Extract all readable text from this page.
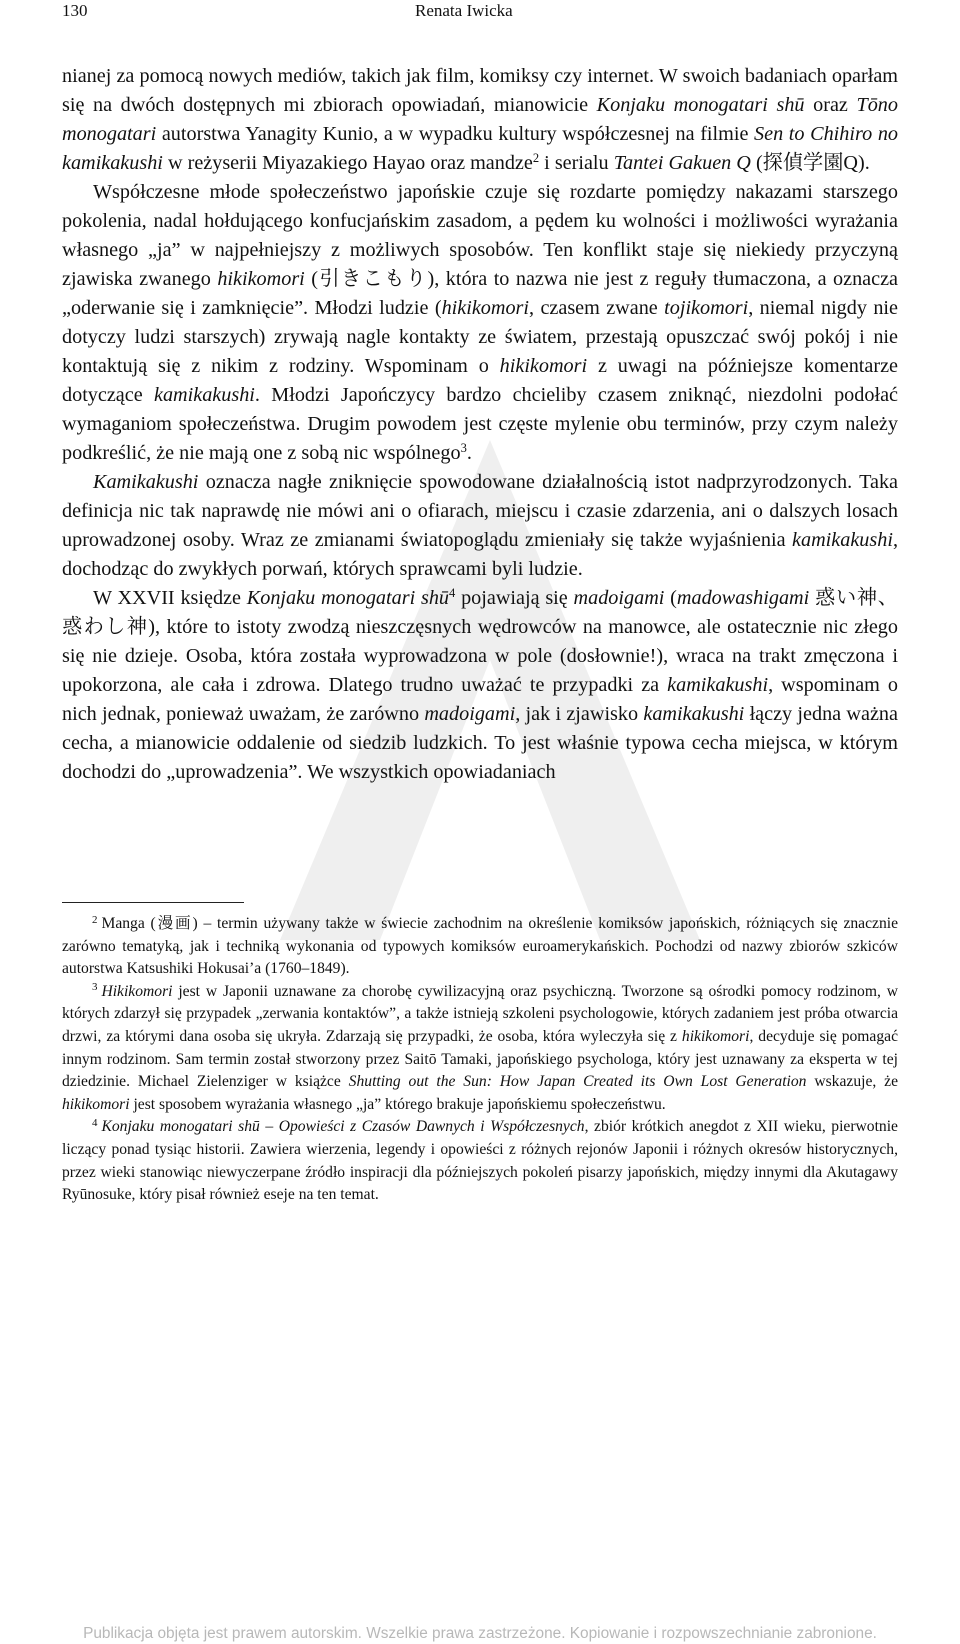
130	Renata Iwicka

nianej za pomocą nowych mediów, takich jak film, komiksy czy internet. W swoich badaniach oparłam się na dwóch dostępnych mi zbiorach opowiadań, mianowicie Konjaku monogatari shū oraz Tōno monogatari autorstwa Yanagity Kunio, a w wypadku kultury współczesnej na filmie Sen to Chihiro no kamikakushi w reżyserii Miyazakiego Hayao oraz mandze$^2$ i serialu Tantei Gakuen Q (探偵学園Q).

Współczesne młode społeczeństwo japońskie czuje się rozdarte pomiędzy nakazami starszego pokolenia, nadal hołdującego konfucjańskim zasadom, a pędem ku wolności i możliwości wyrażania własnego „ja” w najpełniejszy z możliwych sposobów. Ten konflikt staje się niekiedy przyczyną zjawiska zwanego hikikomori (引きこもり), która to nazwa nie jest z reguły tłumaczona, a oznacza „oderwanie się i zamknięcie”. Młodzi ludzie (hikikomori, czasem zwane tojikomori, niemal nigdy nie dotyczy ludzi starszych) zrywają nagle kontakty ze światem, przestają opuszczać swój pokój i nie kontaktują się z nikim z rodziny. Wspominam o hikikomori z uwagi na późniejsze komentarze dotyczące kamikakushi. Młodzi Japończycy bardzo chcieliby czasem zniknąć, niezdolni podołać wymaganiom społeczeństwa. Drugim powodem jest częste mylenie obu terminów, przy czym należy podkreślić, że nie mają one z sobą nic wspólnego$^3$.

Kamikakushi oznacza nagłe zniknięcie spowodowane działalnością istot nadprzyrodzonych. Taka definicja nic tak naprawdę nie mówi ani o ofiarach, miejscu i czasie zdarzenia, ani o dalszych losach uprowadzonej osoby. Wraz ze zmianami światopoglądu zmieniały się także wyjaśnienia kamikakushi, dochodząc do zwykłych porwań, których sprawcami byli ludzie.

W XXVII księdze Konjaku monogatari shū$^4$ pojawiają się madoigami (madowashigami 惑い神、惑わし神), które to istoty zwodzą nieszczęsnych wędrowców na manowce, ale ostatecznie nic złego się nie dzieje. Osoba, która została wyprowadzona w pole (dosłownie!), wraca na trakt zmęczona i upokorzona, ale cała i zdrowa. Dlatego trudno uważać te przypadki za kamikakushi, wspominam o nich jednak, ponieważ uważam, że zarówno madoigami, jak i zjawisko kamikakushi łączy jedna ważna cecha, a mianowicie oddalenie od siedzib ludzkich. To jest właśnie typowa cecha miejsca, w którym dochodzi do „uprowadzenia”. We wszystkich opowiadaniach

$^2$ Manga (漫画) – termin używany także w świecie zachodnim na określenie komiksów japońskich, różniących się znacznie zarówno tematyką, jak i techniką wykonania od typowych komiksów euroamerykańskich. Pochodzi od nazwy zbiorów szkiców autorstwa Katsushiki Hokusai’a (1760–1849).

$^3$ Hikikomori jest w Japonii uznawane za chorobę cywilizacyjną oraz psychiczną. Tworzone są ośrodki pomocy rodzinom, w których zdarzył się przypadek „zerwania kontaktów”, a także istnieją szkoleni psychologowie, których zadaniem jest próba otwarcia drzwi, za którymi dana osoba się ukryła. Zdarzają się przypadki, że osoba, która wyleczyła się z hikikomori, decyduje się pomagać innym rodzinom. Sam termin został stworzony przez Saitō Tamaki, japońskiego psychologa, który jest uznawany za eksperta w tej dziedzinie. Michael Zielenziger w książce Shutting out the Sun: How Japan Created its Own Lost Generation wskazuje, że hikikomori jest sposobem wyrażania własnego „ja” którego brakuje japońskiemu społeczeństwu.

$^4$ Konjaku monogatari shū – Opowieści z Czasów Dawnych i Współczesnych, zbiór krótkich anegdot z XII wieku, pierwotnie liczący ponad tysiąc historii. Zawiera wierzenia, legendy i opowieści z różnych rejonów Japonii i różnych okresów historycznych, przez wieki stanowiąc niewyczerpane źródło inspiracji dla późniejszych pokoleń pisarzy japońskich, między innymi dla Akutagawy Ryūnosuke, który pisał również eseje na ten temat.

Publikacja objęta jest prawem autorskim. Wszelkie prawa zastrzeżone. Kopiowanie i rozpowszechnianie zabronione.
